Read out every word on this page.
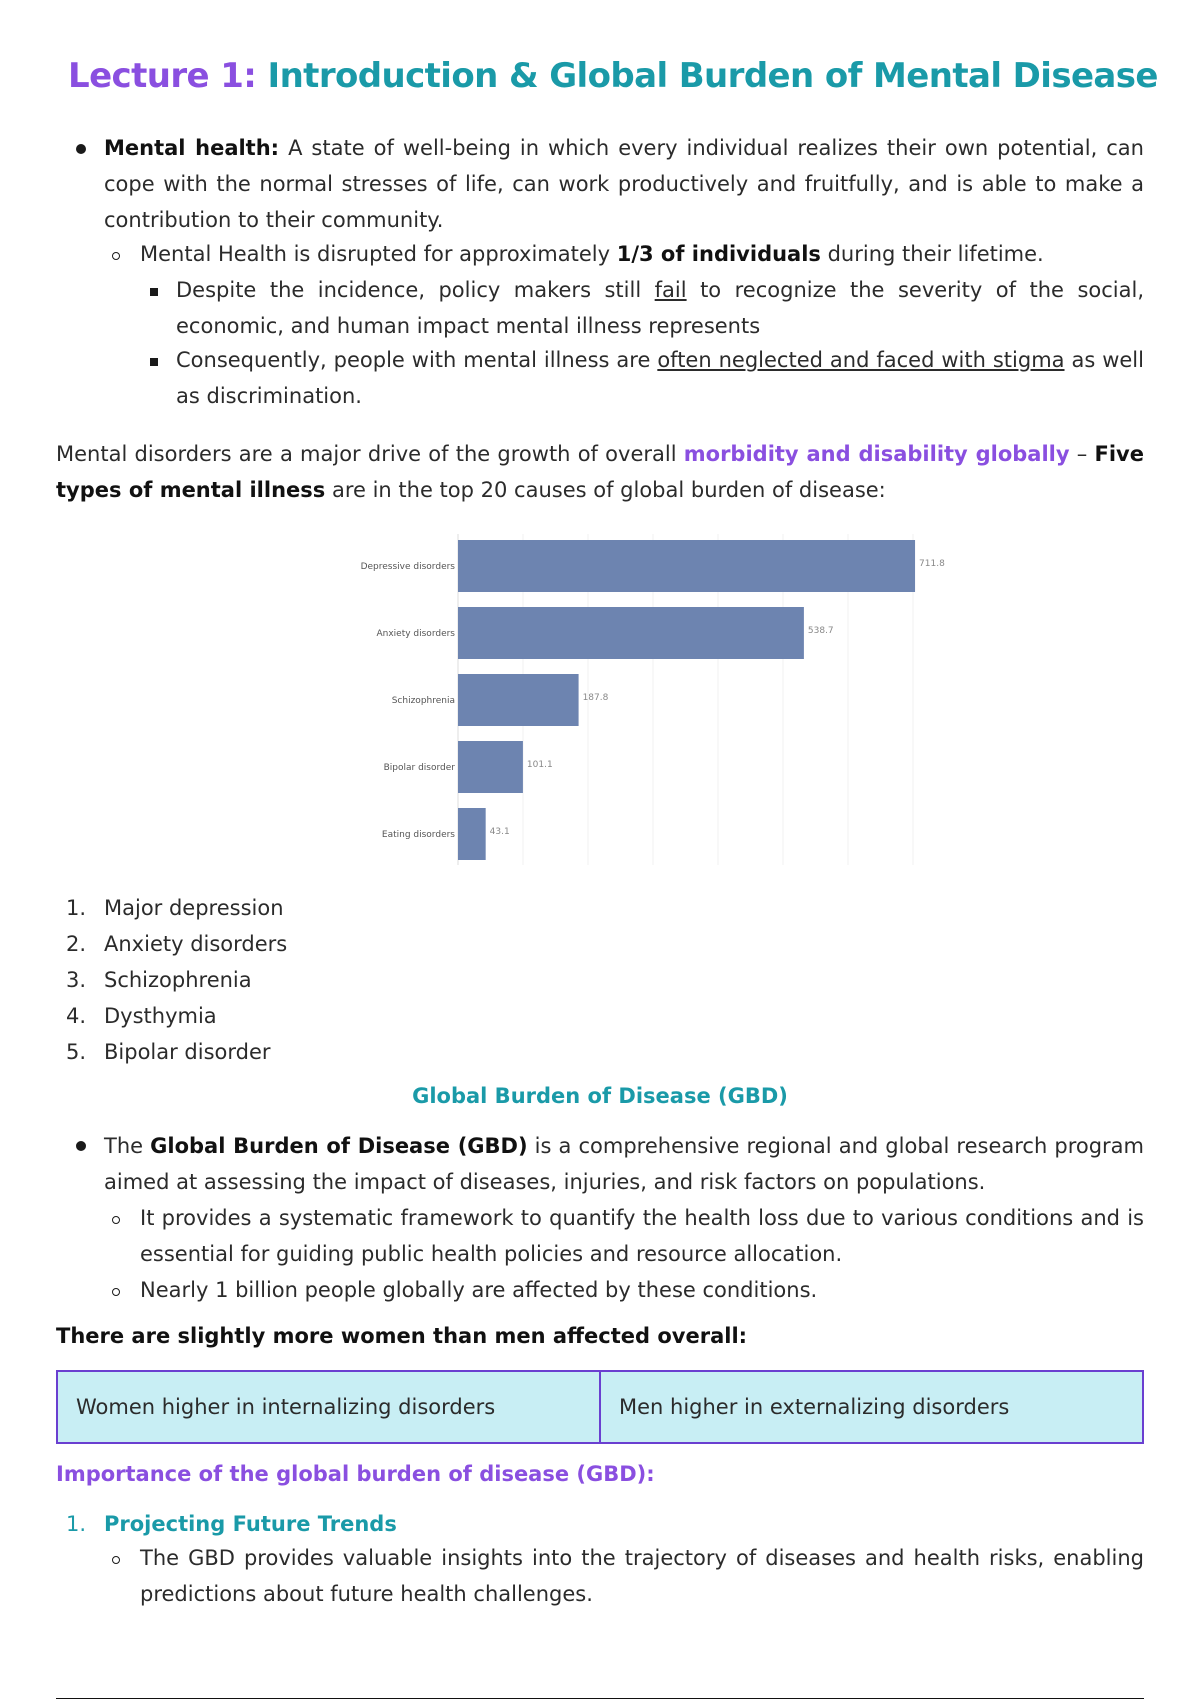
Lecture 1: Introduction & Global Burden of Mental Disease
Mental health: A state of well-being in which every individual realizes their own potential, can cope with the normal stresses of life, can work productively and fruitfully, and is able to make a contribution to their community.
Mental Health is disrupted for approximately 1/3 of individuals during their lifetime.
Despite the incidence, policy makers still fail to recognize the severity of the social, economic, and human impact mental illness represents
Consequently, people with mental illness are often neglected and faced with stigma as well as discrimination.
Mental disorders are a major drive of the growth of overall morbidity and disability globally – Five types of mental illness are in the top 20 causes of global burden of disease:
Depressive disorders	711.8
Anxiety disorders	538.7
Schizophrenia	187.8
Bipolar disorder	101.1
Eating disorders	43.1
1. Major depression
2. Anxiety disorders
3. Schizophrenia
4. Dysthymia
5. Bipolar disorder
Global Burden of Disease (GBD)
The Global Burden of Disease (GBD) is a comprehensive regional and global research program aimed at assessing the impact of diseases, injuries, and risk factors on populations.
It provides a systematic framework to quantify the health loss due to various conditions and is essential for guiding public health policies and resource allocation.
Nearly 1 billion people globally are affected by these conditions.
There are slightly more women than men affected overall:
Women higher in internalizing disorders	Men higher in externalizing disorders
Importance of the global burden of disease (GBD):
1. Projecting Future Trends
The GBD provides valuable insights into the trajectory of diseases and health risks, enabling predictions about future health challenges.
